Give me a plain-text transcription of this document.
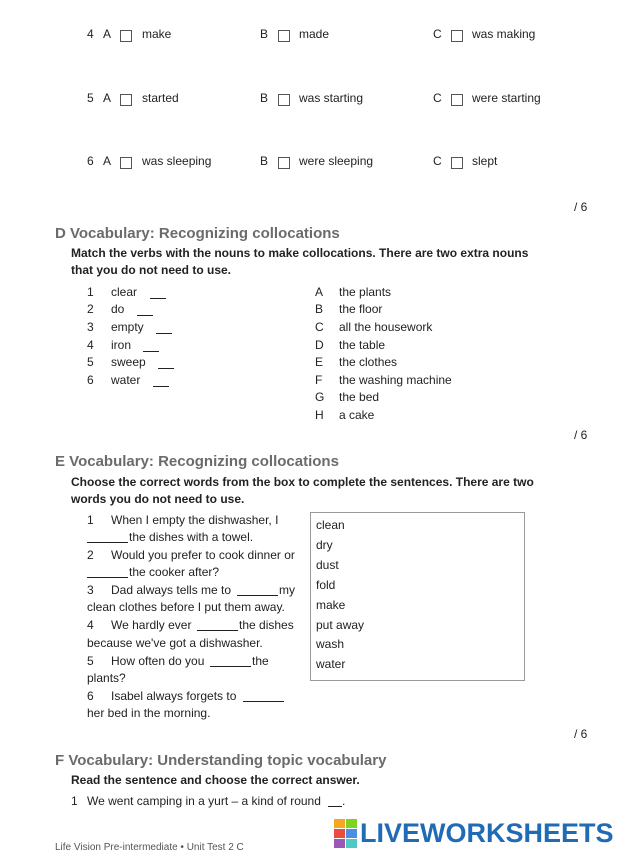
4 A	make	B	made	C	was making
5 A	started	B	was starting	C	were starting
6 A	was sleeping	B	were sleeping	C	slept
/ 6
D Vocabulary: Recognizing collocations
Match the verbs with the nouns to make collocations. There are two extra nouns that you do not need to use.
1 clear
2 do
3 empty
4 iron
5 sweep
6 water
A the plants
B the floor
C all the housework
D the table
E the clothes
F the washing machine
G the bed
H a cake
/ 6
E Vocabulary: Recognizing collocations
Choose the correct words from the box to complete the sentences. There are two words you do not need to use.
1 When I empty the dishwasher, I
the dishes with a towel.
2 Would you prefer to cook dinner or
the cooker after?
3 Dad always tells me to	my
clean clothes before I put them away.
4 We hardly ever	the dishes
because we've got a dishwasher.
5 How often do you	the
plants?
6 Isabel always forgets to
her bed in the morning.
clean
dry
dust
fold
make
put away
wash
water
/ 6
F Vocabulary: Understanding topic vocabulary
Read the sentence and choose the correct answer.
1 We went camping in a yurt – a kind of round .
Life Vision Pre-intermediate • Unit Test 2 C	LIVEWORKSHEETS
